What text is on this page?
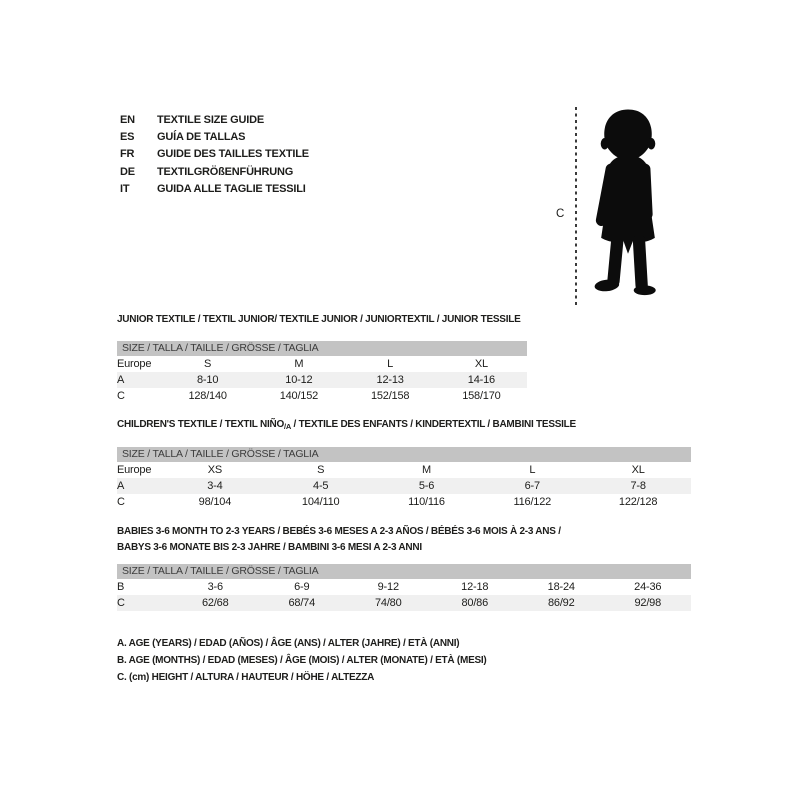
EN	TEXTILE SIZE GUIDE
ES	GUÍA DE TALLAS
FR	GUIDE DES TAILLES TEXTILE
DE	TEXTILGRÖßENFÜHRUNG
IT	GUIDA ALLE TAGLIE TESSILI
C
JUNIOR TEXTILE / TEXTIL JUNIOR/ TEXTILE JUNIOR / JUNIORTEXTIL / JUNIOR TESSILE
SIZE / TALLA / TAILLE / GRÖSSE / TAGLIA				
Europe	S	M	L	XL
A	8-10	10-12	12-13	14-16
C	128/140	140/152	152/158	158/170
CHILDREN'S TEXTILE / TEXTIL $NIÑO_{/A}$ / TEXTILE DES ENFANTS / KINDERTEXTIL / BAMBINI TESSILE
SIZE / TALLA / TAILLE / GRÖSSE / TAGLIA					
Europe	XS	S	M	L	XL
A	3-4	4-5	5-6	6-7	7-8
C	98/104	104/110	110/116	116/122	122/128
BABIES 3-6 MONTH TO 2-3 YEARS / BEBÉS 3-6 MESES A 2-3 AÑOS / BÉBÉS 3-6 MOIS À 2-3 ANS /
BABYS 3-6 MONATE BIS 2-3 JAHRE / BAMBINI 3-6 MESI A 2-3 ANNI
SIZE / TALLA / TAILLE / GRÖSSE / TAGLIA						
B	3-6	6-9	9-12	12-18	18-24	24-36
C	62/68	68/74	74/80	80/86	86/92	92/98
A. AGE (YEARS) / EDAD (AÑOS) / ÂGE (ANS) / ALTER (JAHRE) / ETÀ (ANNI)
B. AGE (MONTHS) / EDAD (MESES) / ÂGE (MOIS) / ALTER (MONATE) / ETÀ (MESI)
C. (cm) HEIGHT / ALTURA / HAUTEUR / HÖHE / ALTEZZA
